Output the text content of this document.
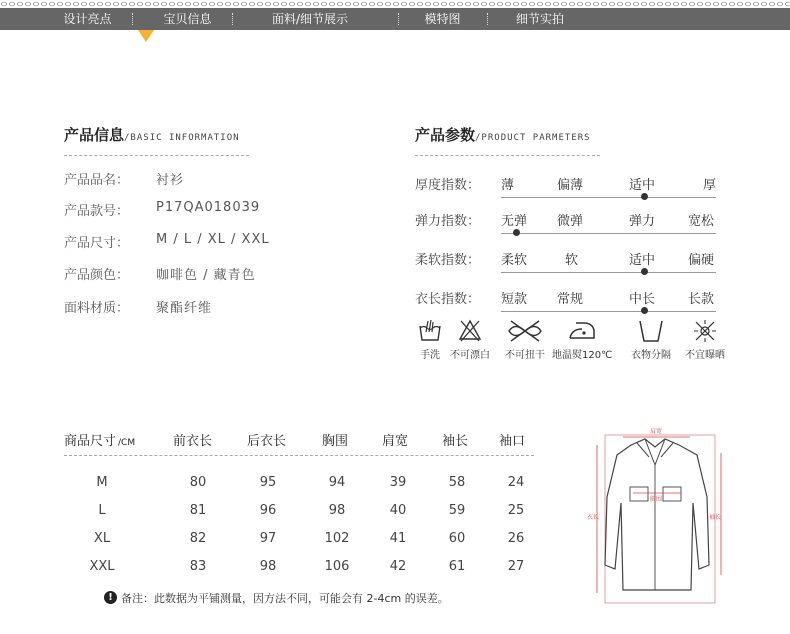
设计亮点	宝贝信息	面料/细节展示	模特图	细节实拍
产品信息/BASIC INFORMATION
产品品名：	衬衫
产品款号：	P17QA018039
产品尺寸：	M / L / XL / XXL
产品颜色：	咖啡色 / 藏青色
面料材质：	聚酯纤维
产品参数/PRODUCT PARMETERS
厚度指数： 薄	偏薄	适中	厚
弹力指数： 无弹 微弹	弹力	宽松
柔软指数： 柔软	软	适中	偏硬
衣长指数： 短款 常规	中长	长款
手洗	不可漂白	不可扭干 地温熨120℃	衣物分隔	不宜曝晒
商品尺寸 /CM	前衣长	后衣长	胸围	肩宽	袖长 袖口
M	80	95	94	39	58	24
L	81	96	98	40	59	25
XL	82	97	102	41	60	26
XXL	83	98	106	42	61	27
! 备注：此数据为平铺测量，因方法不同，可能会有 2-4cm 的误差。
肩宽
胸围
衣长	袖长
